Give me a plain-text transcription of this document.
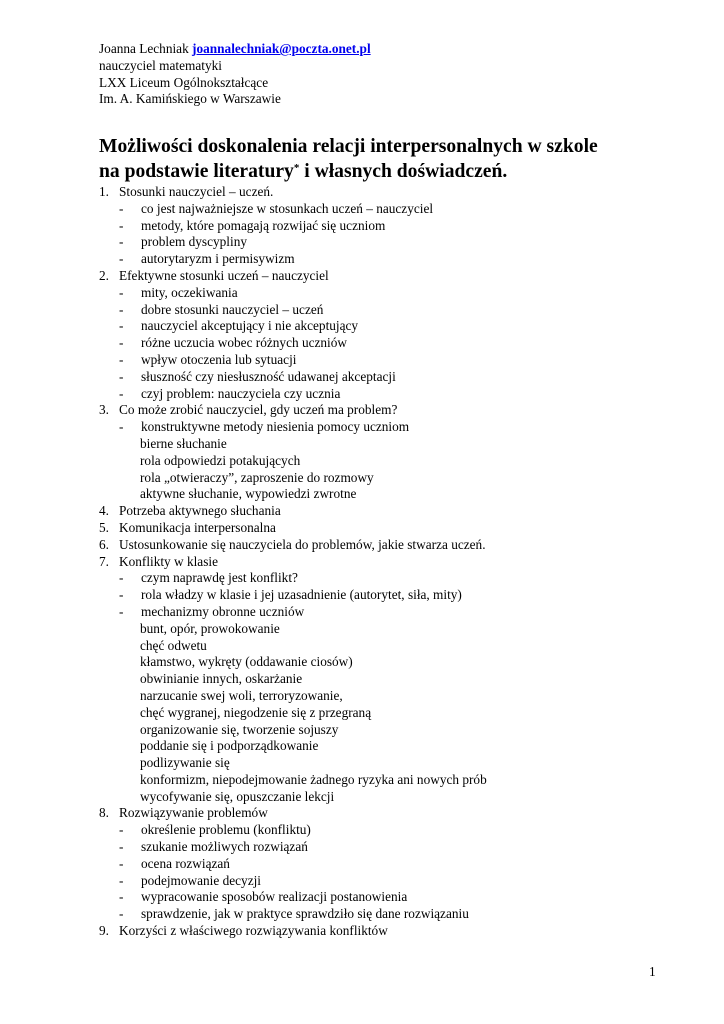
Joanna Lechniak joannalechniak@poczta.onet.pl
nauczyciel matematyki
LXX Liceum Ogólnokształcące
Im. A. Kamińskiego w Warszawie
Możliwości doskonalenia relacji interpersonalnych w szkole
na podstawie literatury* i własnych doświadczeń.
1. Stosunki nauczyciel – uczeń.
-	co jest najważniejsze w stosunkach uczeń – nauczyciel
-	metody, które pomagają rozwijać się uczniom
-	problem dyscypliny
-	autorytaryzm i permisywizm
2. Efektywne stosunki uczeń – nauczyciel
-	mity, oczekiwania
-	dobre stosunki nauczyciel – uczeń
-	nauczyciel akceptujący i nie akceptujący
-	różne uczucia wobec różnych uczniów
-	wpływ otoczenia lub sytuacji
-	słuszność czy niesłuszność udawanej akceptacji
-	czyj problem: nauczyciela czy ucznia
3. Co może zrobić nauczyciel, gdy uczeń ma problem?
-	konstruktywne metody niesienia pomocy uczniom
bierne słuchanie
rola odpowiedzi potakujących
rola „otwieraczy”, zaproszenie do rozmowy
aktywne słuchanie, wypowiedzi zwrotne
4. Potrzeba aktywnego słuchania
5. Komunikacja interpersonalna
6. Ustosunkowanie się nauczyciela do problemów, jakie stwarza uczeń.
7. Konflikty w klasie
-	czym naprawdę jest konflikt?
-	rola władzy w klasie i jej uzasadnienie (autorytet, siła, mity)
-	mechanizmy obronne uczniów
bunt, opór, prowokowanie
chęć odwetu
kłamstwo, wykręty (oddawanie ciosów)
obwinianie innych, oskarżanie
narzucanie swej woli, terroryzowanie,
chęć wygranej, niegodzenie się z przegraną
organizowanie się, tworzenie sojuszy
poddanie się i podporządkowanie
podlizywanie się
konformizm, niepodejmowanie żadnego ryzyka ani nowych prób
wycofywanie się, opuszczanie lekcji
8. Rozwiązywanie problemów
-	określenie problemu (konfliktu)
-	szukanie możliwych rozwiązań
-	ocena rozwiązań
-	podejmowanie decyzji
-	wypracowanie sposobów realizacji postanowienia
-	sprawdzenie, jak w praktyce sprawdziło się dane rozwiązaniu
9. Korzyści z właściwego rozwiązywania konfliktów
1
